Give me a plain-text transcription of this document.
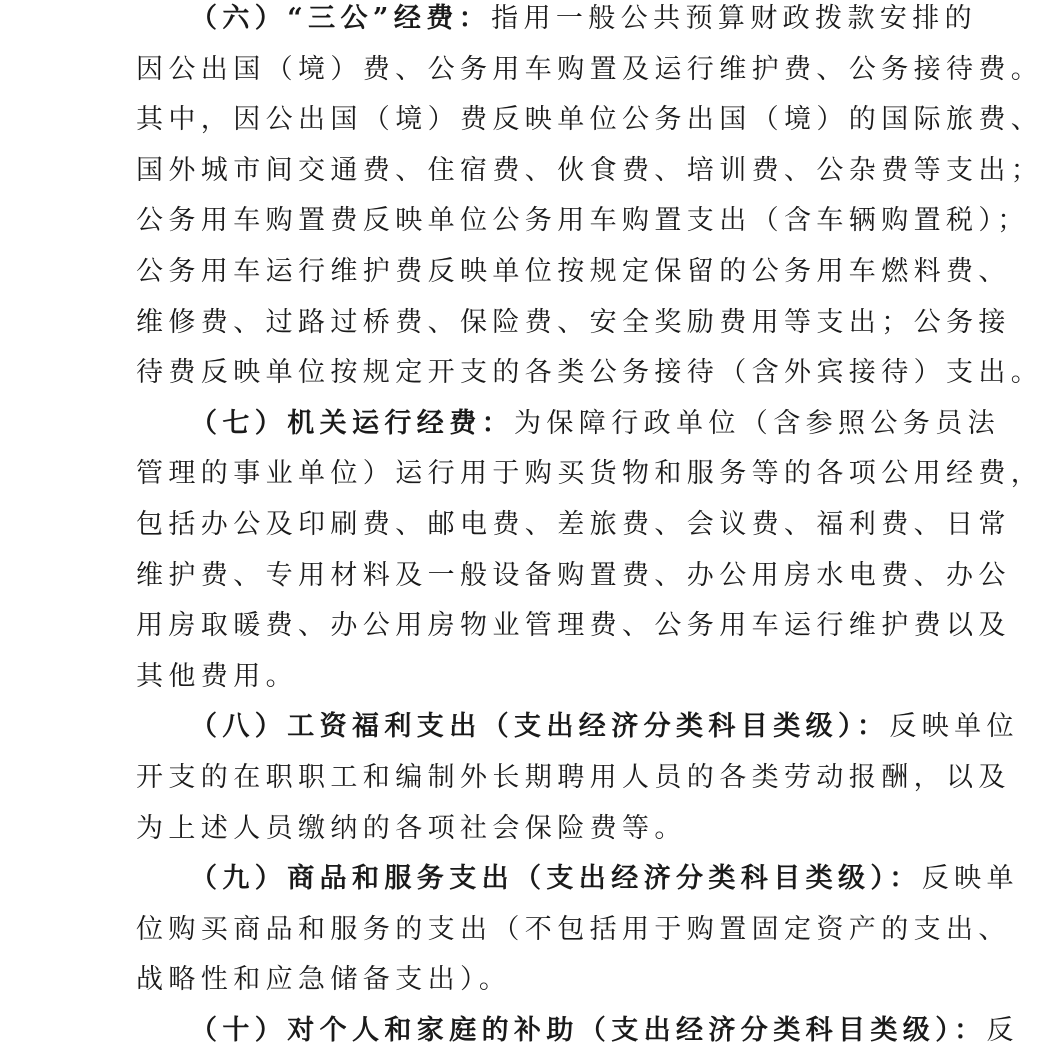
（六）“三公”经费：指用一般公共预算财政拨款安排的
因公出国（境）费、公务用车购置及运行维护费、公务接待费。
其中，因公出国（境）费反映单位公务出国（境）的国际旅费、
国外城市间交通费、住宿费、伙食费、培训费、公杂费等支出；
公务用车购置费反映单位公务用车购置支出（含车辆购置税）；
公务用车运行维护费反映单位按规定保留的公务用车燃料费、
维修费、过路过桥费、保险费、安全奖励费用等支出；公务接
待费反映单位按规定开支的各类公务接待（含外宾接待）支出。
（七）机关运行经费：为保障行政单位（含参照公务员法
管理的事业单位）运行用于购买货物和服务等的各项公用经费，
包括办公及印刷费、邮电费、差旅费、会议费、福利费、日常
维护费、专用材料及一般设备购置费、办公用房水电费、办公
用房取暖费、办公用房物业管理费、公务用车运行维护费以及
其他费用。
（八）工资福利支出（支出经济分类科目类级）：反映单位
开支的在职职工和编制外长期聘用人员的各类劳动报酬，以及
为上述人员缴纳的各项社会保险费等。
（九）商品和服务支出（支出经济分类科目类级）：反映单
位购买商品和服务的支出（不包括用于购置固定资产的支出、
战略性和应急储备支出）。
（十）对个人和家庭的补助（支出经济分类科目类级）：反
